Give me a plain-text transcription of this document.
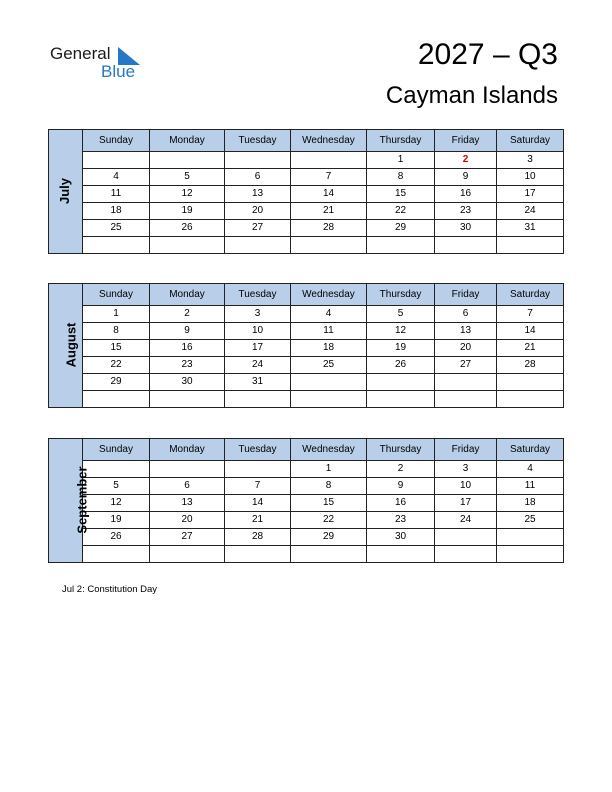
General
Blue
2027 – Q3
Cayman Islands
July	Sunday	Monday	Tuesday	Wednesday	Thursday	Friday	Saturday
					1	2	3
	4	5	6	7	8	9	10
	11	12	13	14	15	16	17
	18	19	20	21	22	23	24
	25	26	27	28	29	30	31

August	Sunday	Monday	Tuesday	Wednesday	Thursday	Friday	Saturday
	1	2	3	4	5	6	7
	8	9	10	11	12	13	14
	15	16	17	18	19	20	21
	22	23	24	25	26	27	28
	29	30	31				

September	Sunday	Monday	Tuesday	Wednesday	Thursday	Friday	Saturday
				1	2	3	4
	5	6	7	8	9	10	11
	12	13	14	15	16	17	18
	19	20	21	22	23	24	25
	26	27	28	29	30		

Jul 2: Constitution Day
